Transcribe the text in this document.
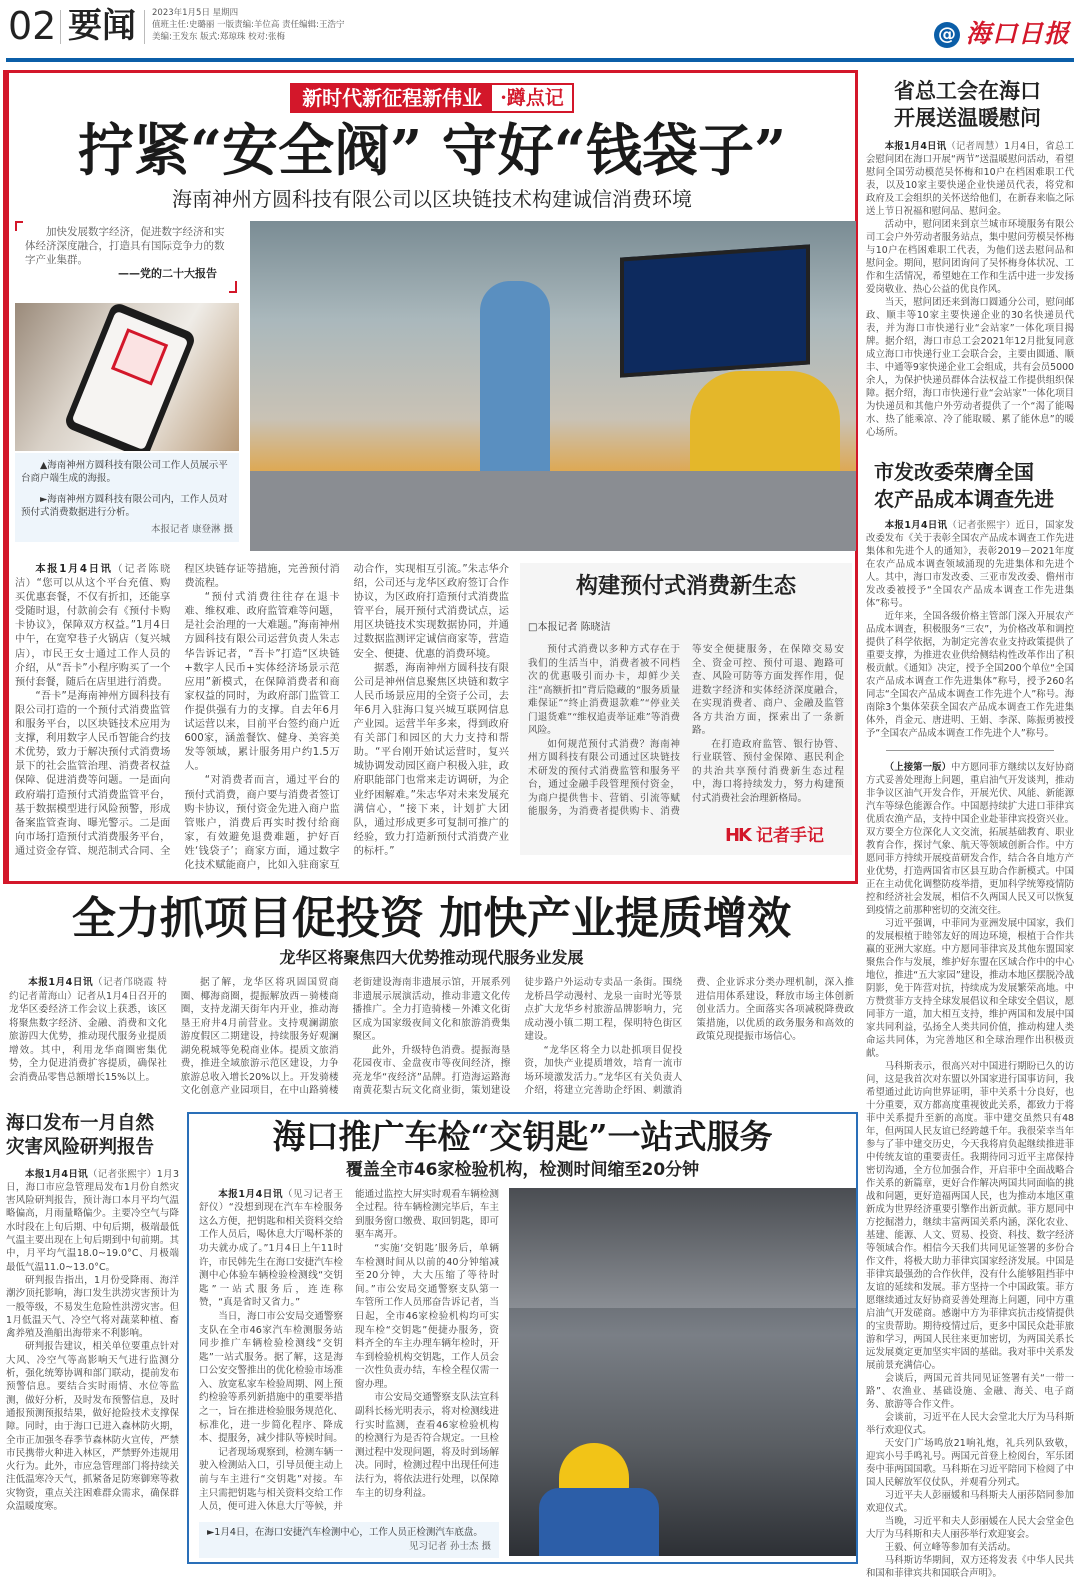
02 要闻 2023年1月5日 星期四
值班主任:史璐丽 一版责编:羊位高 责任编辑:王浩宁
美编:王发东 版式:郑琼珠 校对:张梅	@ 海口日报
新时代新征程新伟业 ·蹲点记
拧紧“安全阀” 守好“钱袋子”
海南神州方圆科技有限公司以区块链技术构建诚信消费环境

加快发展数字经济，促进数字经济和实体经济深度融合，打造具有国际竞争力的数字产业集群。

——党的二十大报告

▲海南神州方圆科技有限公司工作人员展示平台商户端生成的海报。

►海南神州方圆科技有限公司内，工作人员对预付式消费数据进行分析。

本报记者 康登淋 摄

本报1月4日讯（记者陈晓洁）“您可以从这个平台充值、购买优惠套餐，不仅有折扣，还能享受随时退，付款前会有《预付卡购卡协议》，保障双方权益。”1月4日中午，在宽窄巷子火锅店（复兴城店），市民王女士通过工作人员的介绍，从“吾卡”小程序购买了一个预付套餐，随后在店里进行消费。

“吾卡”是海南神州方圆科技有限公司打造的一个预付式消费监管和服务平台，以区块链技术应用为支撑，利用数字人民币智能合约技术优势，致力于解决预付式消费场景下的社会监管治理、消费者权益保障、促进消费等问题。一是面向政府端打造预付式消费监管平台，基于数据模型进行风险预警，形成备案监管查询、曝光警示。二是面向市场打造预付式消费服务平台，通过资金存管、规范制式合同、全程区块链存证等措施，完善预付消费流程。

“预付式消费往往存在退卡难、维权难、政府监管难等问题，是社会治理的一大难题。”海南神州方圆科技有限公司运营负责人朱志华告诉记者，“吾卡”打造“区块链+数字人民币+实体经济场景示范应用”新模式，在保障消费者和商家权益的同时，为政府部门监管工作提供强有力的支撑。自去年6月试运营以来，目前平台签约商户近600家，涵盖餐饮、健身、美容美发等领域，累计服务用户约1.5万人。

“对消费者而言，通过平台的预付式消费，商户要与消费者签订购卡协议，预付资金先进入商户监管账户，消费后再实时拨付给商家，有效避免退费难题，护好百姓‘钱袋子’；商家方面，通过数字化技术赋能商户，比如入驻商家互动合作，实现相互引流。”朱志华介绍，公司还与龙华区政府签订合作协议，为区政府打造预付式消费监管平台，展开预付式消费试点，运用区块链技术实现数据协同，并通过数据监测评定诚信商家等，营造安全、便捷、优惠的消费环境。

据悉，海南神州方圆科技有限公司是神州信息聚焦区块链和数字人民币场景应用的全资子公司，去年6月入驻海口复兴城互联网信息产业园。运营半年多来，得到政府有关部门和园区的大力支持和帮助。“平台刚开始试运营时，复兴城协调发动园区商户积极入驻，政府职能部门也常来走访调研，为企业纾困解难。”朱志华对未来发展充满信心，“接下来，计划扩大团队，通过形成更多可复制可推广的经验，致力打造新预付式消费产业的标杆。”

构建预付式消费新生态
□本报记者 陈晓洁

预付式消费以多种方式存在于我们的生活当中，消费者被不同档次的优惠吸引而办卡，却鲜少关注“高额折扣”背后隐藏的“服务质量难保证”“终止消费退款难”“停业关门退货难”“维权追责举证难”等消费风险。

如何规范预付式消费？海南神州方圆科技有限公司通过区块链技术研发的预付式消费监管和服务平台，通过金融手段管理预付资金，为商户提供售卡、营销、引流等赋能服务，为消费者提供购卡、消费等安全便捷服务，在保障交易安全、资金可控、预付可退、跑路可查、风险可防等方面发挥作用，促进数字经济和实体经济深度融合，在实现消费者、商户、金融及监管各方共治方面，探索出了一条新路。

在打造政府监管、银行协管、行业联管、预付金保障、惠民利企的共治共享预付消费新生态过程中，海口将持续发力，努力构建预付式消费社会治理新格局。

HK 记者手记
全力抓项目促投资 加快产业提质增效
龙华区将聚焦四大优势推动现代服务业发展

本报1月4日讯（记者邝晓霞 特约记者莆海山）记者从1月4日召开的龙华区委经济工作会议上获悉，该区将聚焦数字经济、金融、消费和文化旅游四大优势，推动现代服务业提质增效。其中，利用龙华商圈密集优势，全力促进消费扩容提质，确保社会消费品零售总额增长15%以上。

据了解，龙华区将巩固国贸商圈、椰海商圈，提振解放西－骑楼商圈，支持龙湖天街年内开业，推动海垦王府井4月前营业。支持观澜湖旅游度假区二期建设，持续服务好观澜湖免税城等免税商业体。提质文旅消费，推进全域旅游示范区建设，力争旅游总收入增长20%以上。开发骑楼文化创意产业园项目，在中山路骑楼老街建设海南非遗展示馆，开展系列非遗展示展演活动，推动非遗文化传播推广。全力打造骑楼－外滩文化街区成为国家级夜间文化和旅游消费集聚区。

此外，升级特色消费。提振海垦花园夜市、金盘夜市等夜间经济，擦亮龙华“夜经济”品牌。打造海运路海南黄花梨古玩文化商业街，策划建设徒步路户外运动专卖品一条街。围绕龙桥昌学动漫村、龙泉一亩时光等景点扩大龙华乡村旅游品牌影响力，完成动漫小镇二期工程，保明特色街区建设。

“龙华区将全力以赴抓项目促投资，加快产业提质增效，培育一流市场环境激发活力。”龙华区有关负责人介绍，将建立完善助企纾困、刺激消费、企业诉求分类办理机制，深入推进信用体系建设，释放市场主体创新创业活力。全面落实各项减税降费政策措施，以优质的政务服务和高效的政策兑现提振市场信心。

海口发布一月自然
灾害风险研判报告

本报1月4日讯（记者张熙宇）1月3日，海口市应急管理局发布1月份自然灾害风险研判报告，预计海口本月平均气温略偏高，月雨量略偏少。主要冷空气与降水时段在上旬后期、中旬后期，极端最低气温主要出现在上旬后期到中旬前期。其中，月平均气温18.0~19.0°C、月极端最低气温11.0~13.0°C。

研判报告指出，1月份受降雨、海洋潮汐顶托影响，海口发生洪涝灾害预计为一般等级，不易发生危险性洪涝灾害。但1月低温天气、冷空气将对蔬菜种植、畜禽养殖及渔船出海带来不利影响。

研判报告建议，相关单位要重点针对大风、冷空气等高影响天气进行监测分析，强化统筹协调和部门联动，提前发布预警信息。要结合实时雨情、水位等监测，做好分析，及时发布预警信息，及时通报预测预报结果，做好抢险技术支撑保障。同时，由于海口已进入森林防火期，全市正加强冬春季节森林防火宣传，严禁市民携带火种进入林区，严禁野外违规用火行为。此外，市应急管理部门将持续关注低温寒冷天气，抓紧备足防寒御寒等救灾物资，重点关注困难群众需求，确保群众温暖度寒。

海口推广车检“交钥匙”一站式服务
覆盖全市46家检验机构，检测时间缩至20分钟

本报1月4日讯（见习记者王舒仪）“没想到现在汽车车检服务这么方便，把钥匙和相关资料交给工作人员后，喝休息大厅喝杯茶的功夫就办成了。”1月4日上午11时许，市民韩先生在海口安捷汽车检测中心体验车辆检验检测线“交钥匙”一站式服务后，连连称赞，“真是省时又省力。”

当日，海口市公安局交通警察支队在全市46家汽车检测服务站同步推广车辆检验检测线“交钥匙”一站式服务。据了解，这是海口公安交警推出的优化检验市场准入、放宽私家车检验周期、网上预约检验等系列新措施中的重要举措之一，旨在推进检验服务规范化、标准化，进一步简化程序、降成本、提服务，减少排队等候时间。

记者现场观察到，检测车辆一驶入检测站入口，引导员便主动上前与车主进行“交钥匙”对接。车主只需把钥匙与相关资料交给工作人员，便可进入休息大厅等候，并能通过监控大屏实时观看车辆检测全过程。待车辆检测完毕后，车主到服务窗口缴费、取回钥匙，即可驱车离开。

“实施‘交钥匙’服务后，单辆车检测时间从以前的40分钟缩减至20分钟，大大压缩了等待时间。”市公安局交通警察支队第一车管所工作人员邢奋告诉记者，当日起，全市46家检验机构均可实现车检“交钥匙”便捷办服务，资料齐全的车主办理车辆年检时，开车到检验机构交钥匙，工作人员会一次性负责办结，车检全程仅需一窗办理。

市公安局交通警察支队法宣科副科长杨光明表示，将对检测线进行实时监测，查看46家检验机构的检测行为是否符合规定。一旦检测过程中发现问题，将及时到场解决。同时，检测过程中出现任何违法行为，将依法进行处理，以保障车主的切身利益。

►1月4日，在海口安捷汽车检测中心，工作人员正检测汽车底盘。
见习记者 孙士杰 摄
省总工会在海口
开展送温暖慰问

本报1月4日讯（记者周慧）1月4日，省总工会慰问团在海口开展“两节”送温暖慰问活动，看望慰问全国劳动模范吴怀梅和10户在档困难职工代表，以及10家主要快递企业快递员代表，将党和政府及工会组织的关怀送给他们，在新春来临之际送上节日祝福和慰问品、慰问金。

活动中，慰问团来到京兰城市环境服务有限公司工会户外劳动者服务站点，集中慰问劳模吴怀梅与10户在档困难职工代表，为他们送去慰问品和慰问金。期间，慰问团询问了吴怀梅身体状况、工作和生活情况，希望她在工作和生活中进一步发扬爱岗敬业、热心公益的优良作风。

当天，慰问团还来到海口圆通分公司，慰问邮政、顺丰等10家主要快递企业的30名快递员代表，并为海口市快递行业“会站家”一体化项目揭牌。据介绍，海口市总工会2021年12月批复同意成立海口市快递行业工会联合会，主要由圆通、顺丰、中通等9家快递企业工会组成，共有会员5000余人，为保护快递员群体合法权益工作提供组织保障。据介绍，海口市快递行业“会站家”一体化项目为快递员和其他户外劳动者提供了一个“渴了能喝水、热了能乘凉、冷了能取暖、累了能休息”的暖心场所。

市发改委荣膺全国
农产品成本调查先进

本报1月4日讯（记者张熙宇）近日，国家发改委发布《关于表彰全国农产品成本调查工作先进集体和先进个人的通知》，表彰2019－2021年度在农产品成本调查领域涌现的先进集体和先进个人。其中，海口市发改委、三亚市发改委、儋州市发改委被授予“全国农产品成本调查工作先进集体”称号。

近年来，全国各级价格主管部门深入开展农产品成本调查，积极服务“三农”，为价格改革和调控提供了科学依据，为制定完善农业支持政策提供了重要支撑，为推进农业供给侧结构性改革作出了积极贡献。《通知》决定，授予全国200个单位“全国农产品成本调查工作先进集体”称号，授予260名同志“全国农产品成本调查工作先进个人”称号。海南除3个集体荣获全国农产品成本调查工作先进集体外，肖金元、唐进明、王娟、李深、陈振勇被授予“全国农产品成本调查工作先进个人”称号。

（上接第一版）中方愿同菲方继续以友好协商方式妥善处理海上问题，重启油气开发谈判，推动非争议区油气开发合作，开展光伏、风能、新能源汽车等绿色能源合作。中国愿持续扩大进口菲律宾优质农渔产品，支持中国企业赴菲律宾投资兴业。双方要全方位深化人文交流，拓展基础教育、职业教育合作，探讨气象、航天等领域创新合作。中方愿同菲方持续开展疫苗研发合作，结合各自地方产业优势，打造两国省市区县互助合作新模式。中国正在主动优化调整防疫举措，更加科学统筹疫情防控和经济社会发展，相信不久两国人民又可以恢复到疫情之前那种密切的交流交往。

习近平强调，中菲同为亚洲发展中国家，我们的发展根植于睦邻友好的周边环境，根植于合作共赢的亚洲大家庭。中方愿同菲律宾及其他东盟国家聚焦合作与发展，维护好东盟在区域合作中的中心地位，推进“五大家园”建设，推动本地区摆脱冷战阴影，免于阵营对抗，持续成为发展繁荣高地。中方赞赏菲方支持全球发展倡议和全球安全倡议，愿同菲方一道，加大相互支持，维护两国和发展中国家共同利益，弘扬全人类共同价值，推动构建人类命运共同体，为完善地区和全球治理作出积极贡献。

马科斯表示，很高兴对中国进行期盼已久的访问，这是我首次对东盟以外国家进行国事访问，我希望通过此访向世界证明，菲中关系十分良好，也十分重要，双方都高度重视彼此关系，都致力于将菲中关系提升至新的高度。菲中建交虽然只有48年，但两国人民友谊已经跨越千年。我很荣幸当年参与了菲中建交历史，今天我将肩负起继续推进菲中传统友谊的重要责任。我期待同习近平主席保持密切沟通，全方位加强合作，开启菲中全面战略合作关系的新篇章，更好合作解决两国共同面临的挑战和问题，更好造福两国人民，也为推动本地区重新成为世界经济重要引擎作出新贡献。菲方愿同中方挖掘潜力，继续丰富两国关系内涵，深化农业、基建、能源、人文、贸易、投资、科技、数字经济等领域合作。相信今天我们共同见证签署的多份合作文件，将极大助力菲律宾国家经济发展。中国是菲律宾最强劲的合作伙伴，没有什么能够阻挡菲中友谊的延续和发展。菲方坚持一个中国政策。菲方愿继续通过友好协商妥善处理海上问题，同中方重启油气开发磋商。感谢中方为菲律宾抗击疫情提供的宝贵帮助。期待疫情过后，更多中国民众赴菲旅游和学习，两国人民往来更加密切，为两国关系长远发展奠定更加坚实牢固的基础。我对菲中关系发展前景充满信心。

会谈后，两国元首共同见证签署有关“一带一路”、农渔业、基础设施、金融、海关、电子商务、旅游等合作文件。

会谈前，习近平在人民大会堂北大厅为马科斯举行欢迎仪式。

天安门广场鸣放21响礼炮，礼兵列队致敬，迎宾小号手鸣礼号。两国元首登上检阅台，军乐团奏中菲两国国歌。马科斯在习近平陪同下检阅了中国人民解放军仪仗队，并观看分列式。

习近平夫人彭丽媛和马科斯夫人丽莎陪同参加欢迎仪式。

当晚，习近平和夫人彭丽媛在人民大会堂金色大厅为马科斯和夫人丽莎举行欢迎宴会。

王毅、何立峰等参加有关活动。

马科斯访华期间，双方还将发表《中华人民共和国和菲律宾共和国联合声明》。
